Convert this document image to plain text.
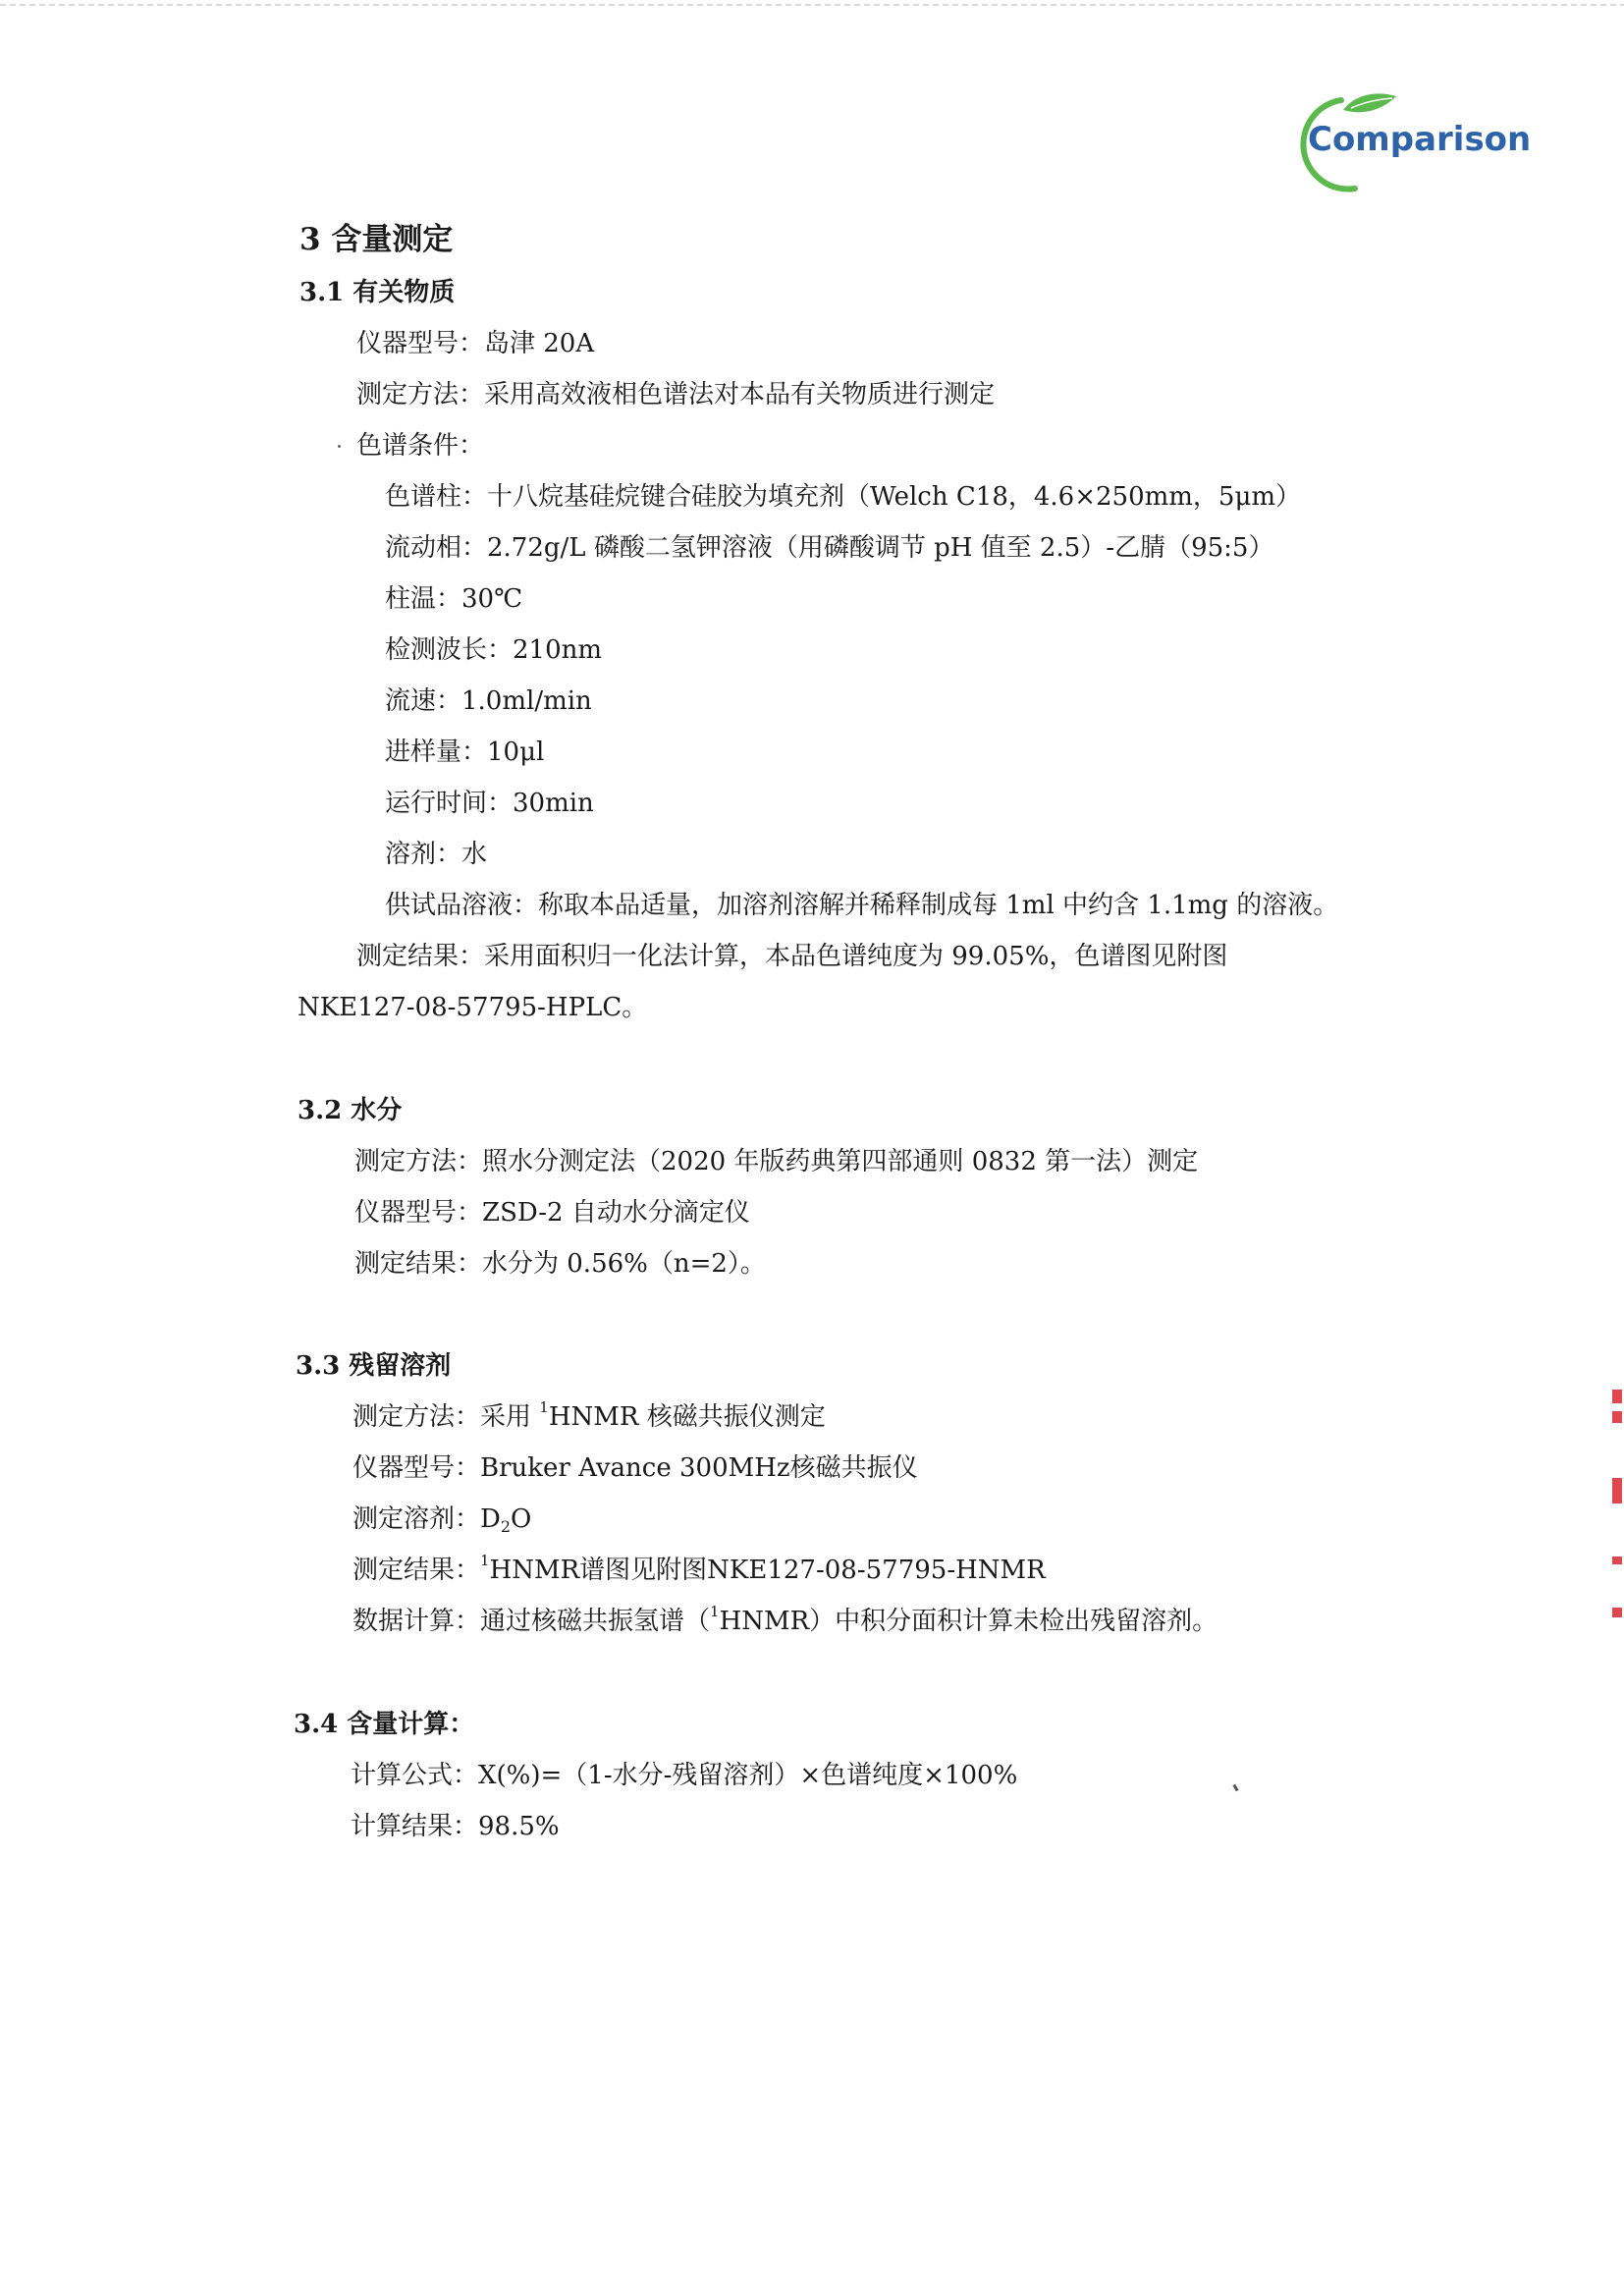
Comparison
3 含量测定
3.1 有关物质
仪器型号：岛津 20A
测定方法：采用高效液相色谱法对本品有关物质进行测定
色谱条件：
色谱柱：十八烷基硅烷键合硅胶为填充剂（Welch C18，4.6×250mm，5μm）
流动相：2.72g/L 磷酸二氢钾溶液（用磷酸调节 pH 值至 2.5）-乙腈（95:5）
柱温：30℃
检测波长：210nm
流速：1.0ml/min
进样量：10μl
运行时间：30min
溶剂：水
供试品溶液：称取本品适量，加溶剂溶解并稀释制成每 1ml 中约含 1.1mg 的溶液。
测定结果：采用面积归一化法计算，本品色谱纯度为 99.05%，色谱图见附图
NKE127-08-57795-HPLC。
3.2 水分
测定方法：照水分测定法（2020 年版药典第四部通则 0832 第一法）测定
仪器型号：ZSD-2 自动水分滴定仪
测定结果：水分为 0.56%（n=2）。
3.3 残留溶剂
测定方法：采用 $^1$HNMR 核磁共振仪测定
仪器型号：Bruker Avance 300MHz核磁共振仪
测定溶剂：$D_2O$
测定结果：$^1$HNMR谱图见附图NKE127-08-57795-HNMR
数据计算：通过核磁共振氢谱（$^1$HNMR）中积分面积计算未检出残留溶剂。
3.4 含量计算：
计算公式：X(%)=（1-水分-残留溶剂）×色谱纯度×100%
计算结果：98.5%
